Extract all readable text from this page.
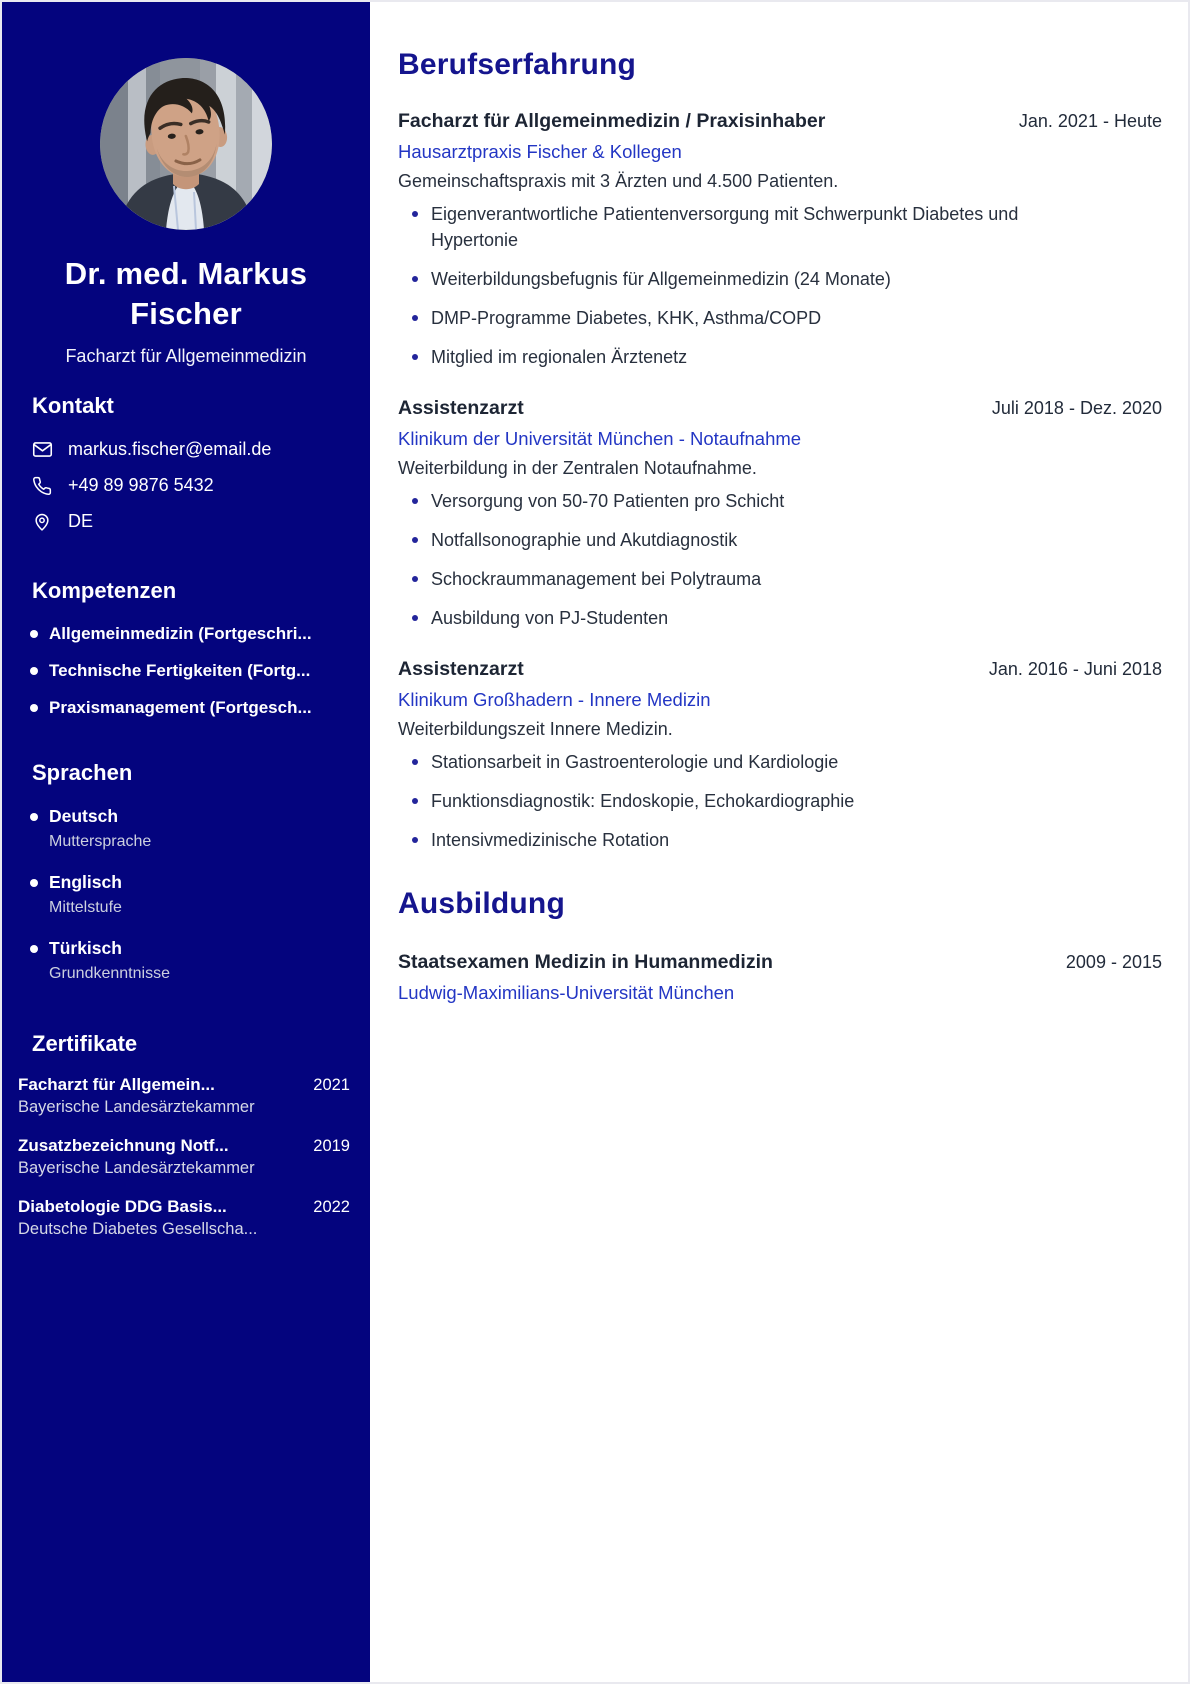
Dr. med. Markus Fischer
Facharzt für Allgemeinmedizin
Kontakt
markus.fischer@email.de
+49 89 9876 5432
DE
Kompetenzen
Allgemeinmedizin (Fortgeschri...
Technische Fertigkeiten (Fortg...
Praxismanagement (Fortgesch...
Sprachen
Deutsch
Muttersprache
Englisch
Mittelstufe
Türkisch
Grundkenntnisse
Zertifikate
Facharzt für Allgemein...	2021
Bayerische Landesärztekammer
Zusatzbezeichnung Notf...	2019
Bayerische Landesärztekammer
Diabetologie DDG Basis...	2022
Deutsche Diabetes Gesellscha...
Berufserfahrung
Facharzt für Allgemeinmedizin / Praxisinhaber	Jan. 2021 - Heute
Hausarztpraxis Fischer & Kollegen
Gemeinschaftspraxis mit 3 Ärzten und 4.500 Patienten.
Eigenverantwortliche Patientenversorgung mit Schwerpunkt Diabetes und Hypertonie
Weiterbildungsbefugnis für Allgemeinmedizin (24 Monate)
DMP-Programme Diabetes, KHK, Asthma/COPD
Mitglied im regionalen Ärztenetz
Assistenzarzt	Juli 2018 - Dez. 2020
Klinikum der Universität München - Notaufnahme
Weiterbildung in der Zentralen Notaufnahme.
Versorgung von 50-70 Patienten pro Schicht
Notfallsonographie und Akutdiagnostik
Schockraummanagement bei Polytrauma
Ausbildung von PJ-Studenten
Assistenzarzt	Jan. 2016 - Juni 2018
Klinikum Großhadern - Innere Medizin
Weiterbildungszeit Innere Medizin.
Stationsarbeit in Gastroenterologie und Kardiologie
Funktionsdiagnostik: Endoskopie, Echokardiographie
Intensivmedizinische Rotation
Ausbildung
Staatsexamen Medizin in Humanmedizin	2009 - 2015
Ludwig-Maximilians-Universität München
